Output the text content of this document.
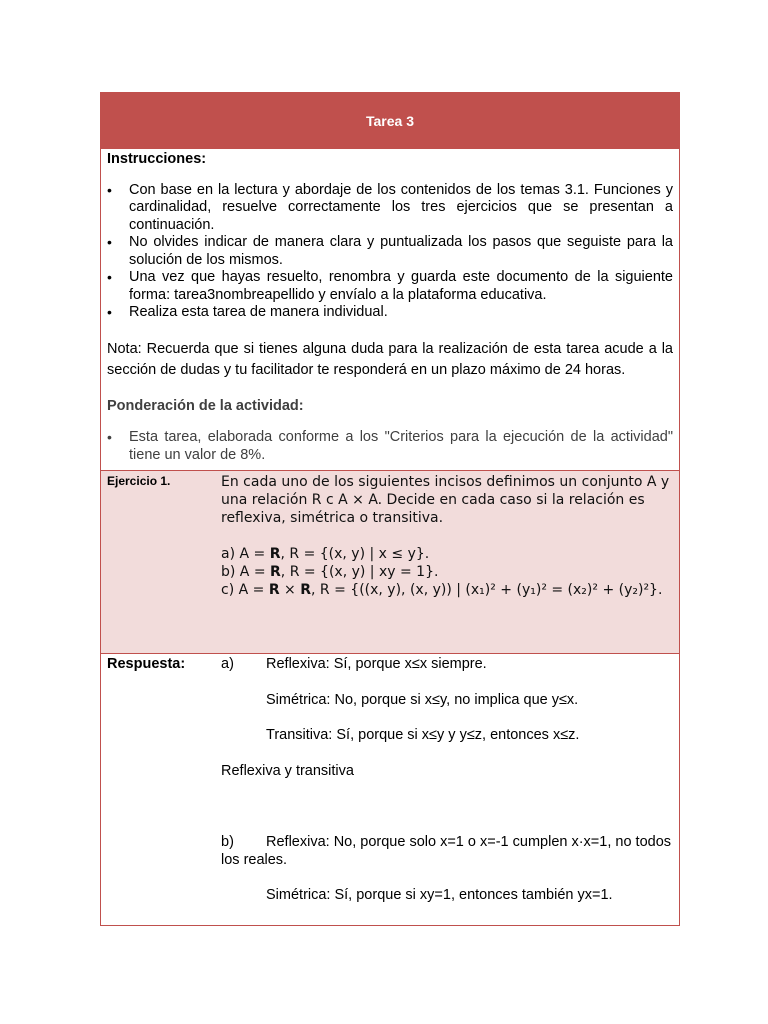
Tarea 3

Instrucciones:

• Con base en la lectura y abordaje de los contenidos de los temas 3.1. Funciones y cardinalidad, resuelve correctamente los tres ejercicios que se presentan a continuación.
• No olvides indicar de manera clara y puntualizada los pasos que seguiste para la solución de los mismos.
• Una vez que hayas resuelto, renombra y guarda este documento de la siguiente forma: tarea3nombreapellido y envíalo a la plataforma educativa.
• Realiza esta tarea de manera individual.

Nota: Recuerda que si tienes alguna duda para la realización de esta tarea acude a la sección de dudas y tu facilitador te responderá en un plazo máximo de 24 horas.

Ponderación de la actividad:

• Esta tarea, elaborada conforme a los "Criterios para la ejecución de la actividad" tiene un valor de 8%.
Ejercicio 1.	En cada uno de los siguientes incisos definimos un conjunto A y una relación R c A × A. Decide en cada caso si la relación es reflexiva, simétrica o transitiva.

a) A = R, R = {(x, y) | x ≤ y}.

b) A = R, R = {(x, y) | xy = 1}.

c) A = R × R, R = {((x, y), (x, y)) | (x₁)² + (y₁)² = (x₂)² + (y₂)²}.

Respuesta:	a) Reflexiva: Sí, porque x≤x siempre.

Simétrica: No, porque si x≤y, no implica que y≤x.

Transitiva: Sí, porque si x≤y y y≤z, entonces x≤z.

Reflexiva y transitiva

b) Reflexiva: No, porque solo x=1 o x=-1 cumplen x·x=1, no todos los reales.

Simétrica: Sí, porque si xy=1, entonces también yx=1.
